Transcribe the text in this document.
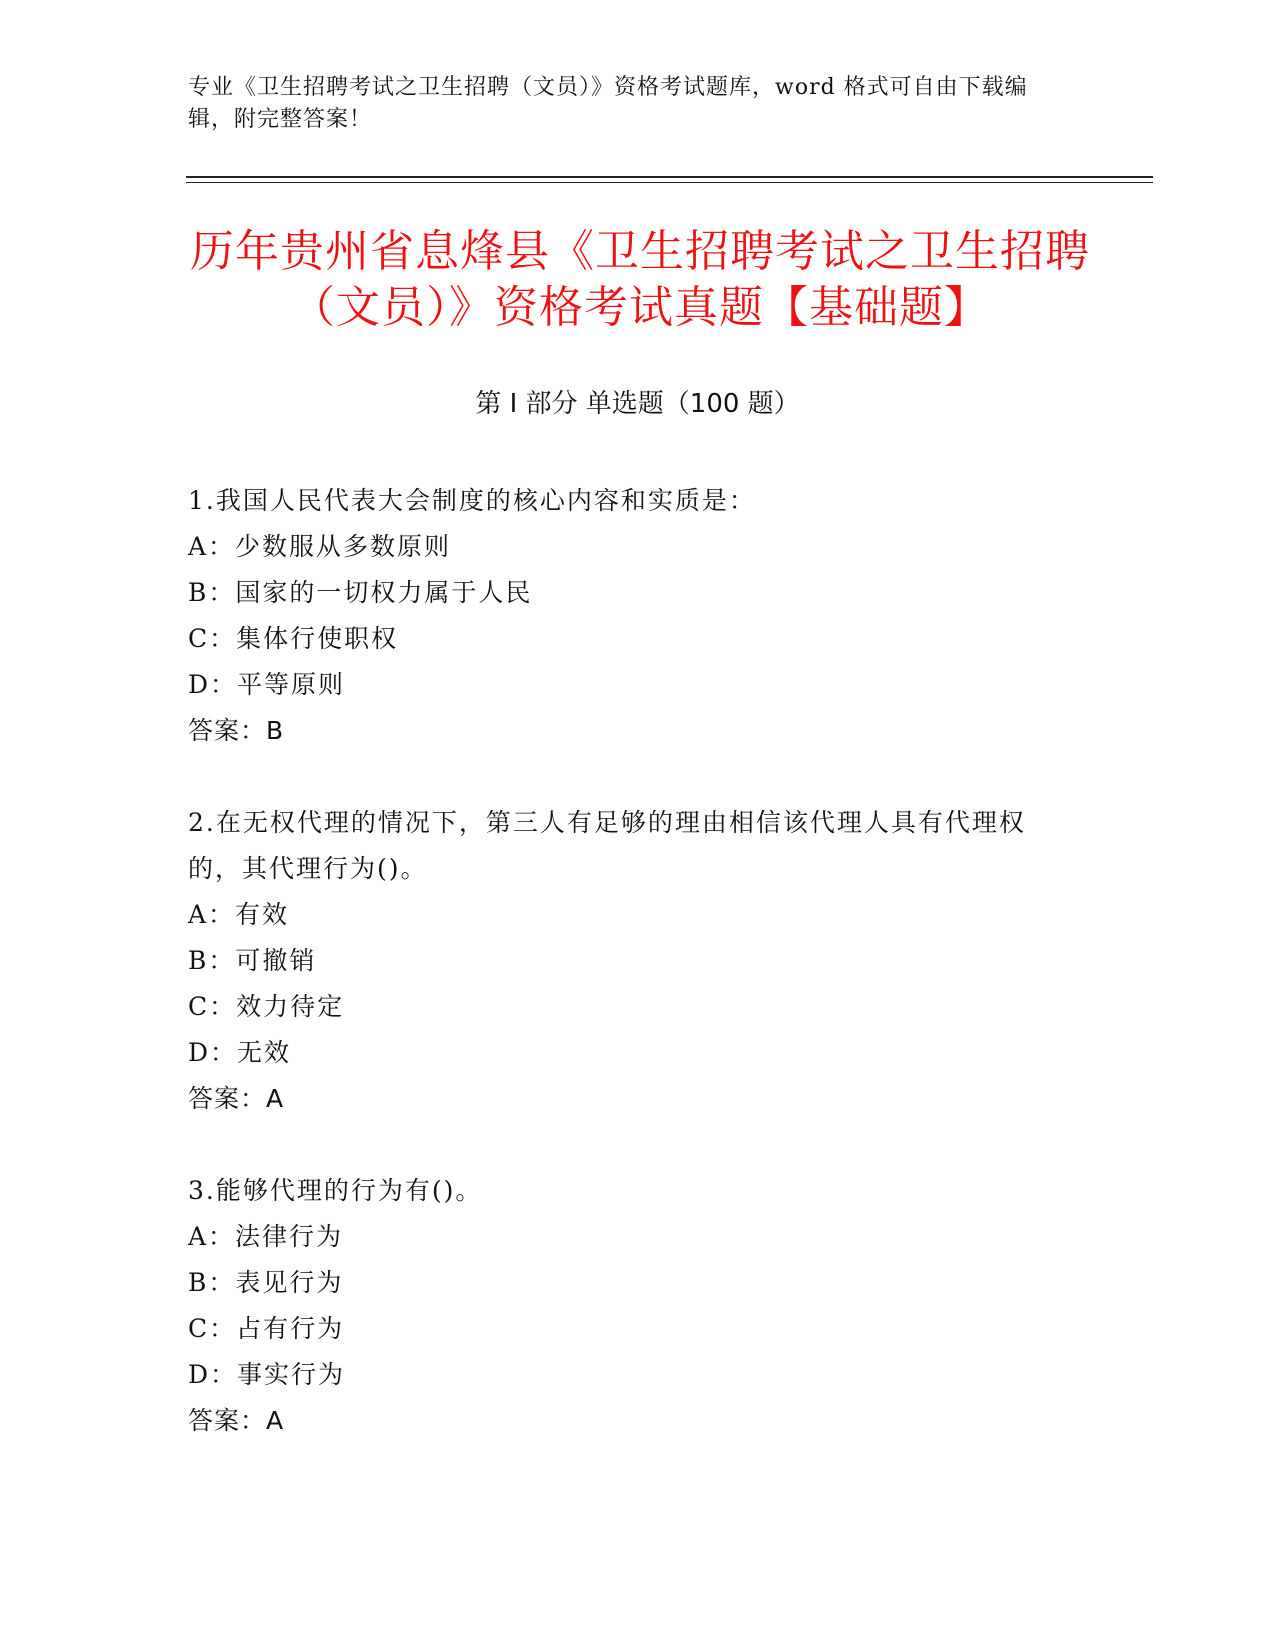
专业《卫生招聘考试之卫生招聘（文员）》资格考试题库，word 格式可自由下载编辑，附完整答案！
历年贵州省息烽县《卫生招聘考试之卫生招聘（文员）》资格考试真题【基础题】
第 I 部分 单选题（100 题）
1.我国人民代表大会制度的核心内容和实质是：
A：少数服从多数原则
B：国家的一切权力属于人民
C：集体行使职权
D：平等原则
答案：B
2.在无权代理的情况下，第三人有足够的理由相信该代理人具有代理权的，其代理行为()。
A：有效
B：可撤销
C：效力待定
D：无效
答案：A
3.能够代理的行为有()。
A：法律行为
B：表见行为
C：占有行为
D：事实行为
答案：A
